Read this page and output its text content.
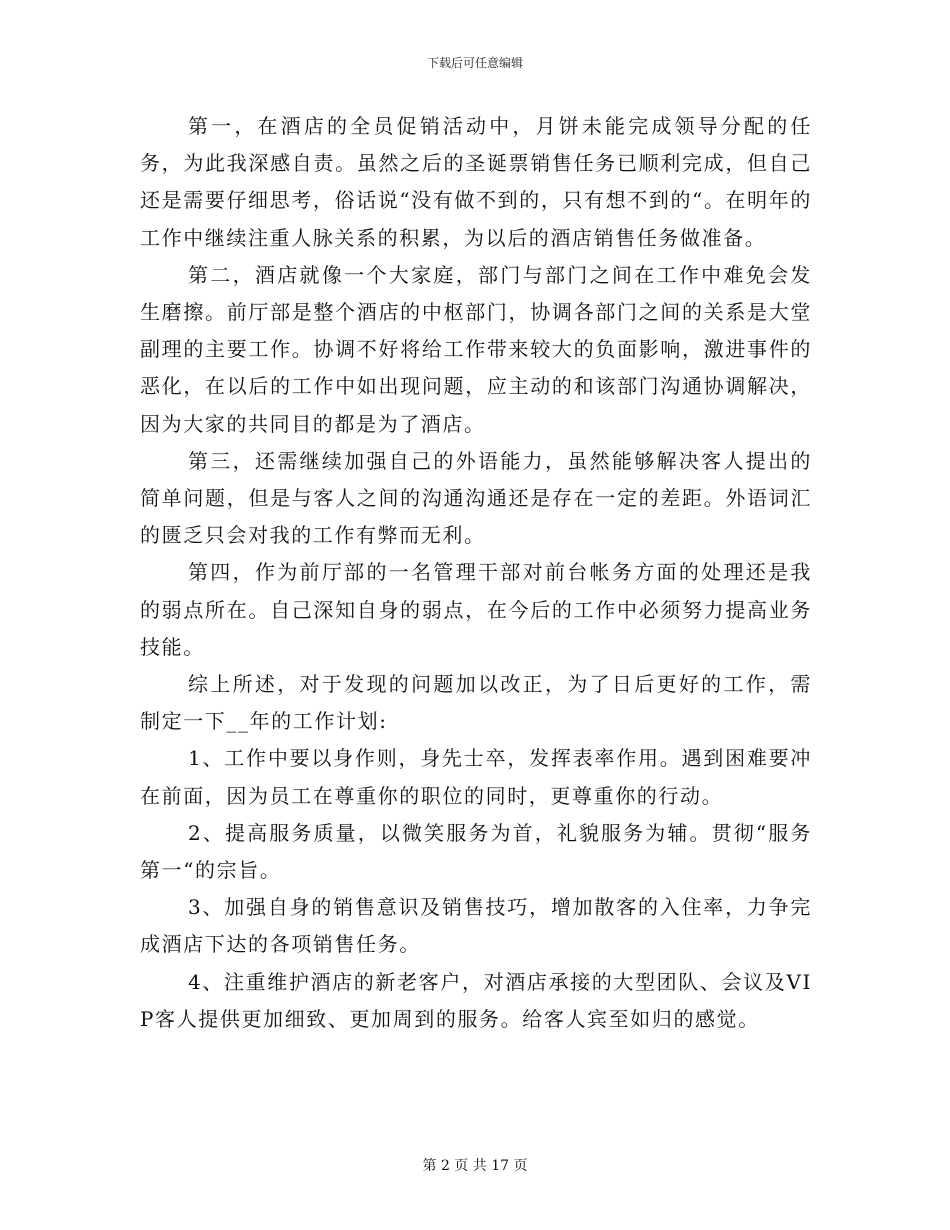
下载后可任意编辑

第一，在酒店的全员促销活动中，月饼未能完成领导分配的任务，为此我深感自责。虽然之后的圣诞票销售任务已顺利完成，但自己还是需要仔细思考，俗话说“没有做不到的，只有想不到的“。在明年的工作中继续注重人脉关系的积累，为以后的酒店销售任务做准备。

第二，酒店就像一个大家庭，部门与部门之间在工作中难免会发生磨擦。前厅部是整个酒店的中枢部门，协调各部门之间的关系是大堂副理的主要工作。协调不好将给工作带来较大的负面影响，激进事件的恶化，在以后的工作中如出现问题，应主动的和该部门沟通协调解决，因为大家的共同目的都是为了酒店。

第三，还需继续加强自己的外语能力，虽然能够解决客人提出的简单问题，但是与客人之间的沟通沟通还是存在一定的差距。外语词汇的匮乏只会对我的工作有弊而无利。

第四，作为前厅部的一名管理干部对前台帐务方面的处理还是我的弱点所在。自己深知自身的弱点，在今后的工作中必须努力提高业务技能。

综上所述，对于发现的问题加以改正，为了日后更好的工作，需制定一下__年的工作计划:

1、工作中要以身作则，身先士卒，发挥表率作用。遇到困难要冲在前面，因为员工在尊重你的职位的同时，更尊重你的行动。

2、提高服务质量，以微笑服务为首，礼貌服务为辅。贯彻“服务第一“的宗旨。

3、加强自身的销售意识及销售技巧，增加散客的入住率，力争完成酒店下达的各项销售任务。

4、注重维护酒店的新老客户，对酒店承接的大型团队、会议及VIP客人提供更加细致、更加周到的服务。给客人宾至如归的感觉。

第 2 页 共 17 页
